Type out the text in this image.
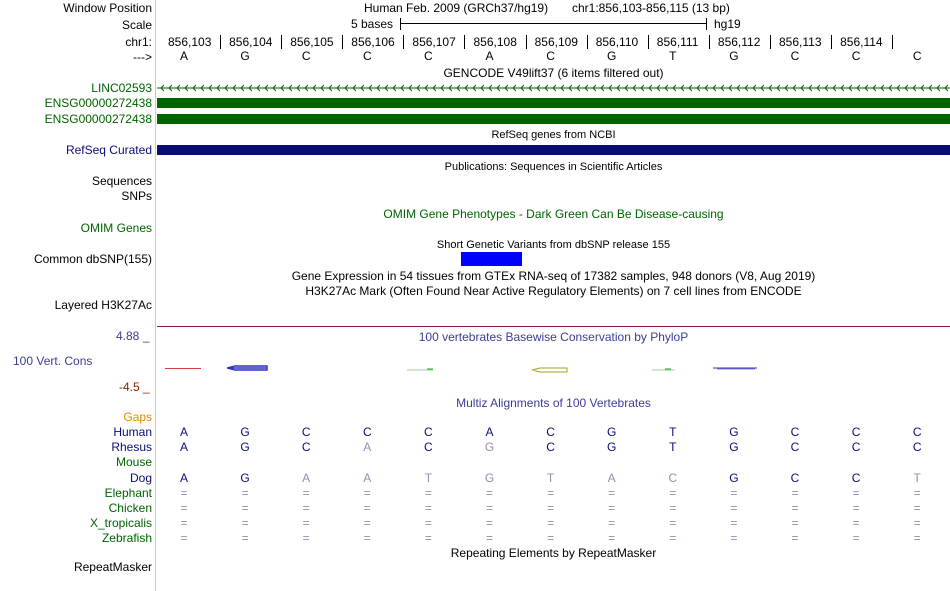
Window Position	Human Feb. 2009 (GRCh37/hg19) chr1:856,103-856,115 (13 bp)
Scale	5 bases	hg19
chr1: 856,103 856,104 856,105 856,106 856,107 856,108 856,109 856,110 856,111 856,112 856,113 856,114
--->	A	G	C	C	C	A	C	G	T	G	C	C	C
GENCODE V49lift37 (6 items filtered out)
LINC02593
ENSG00000272438
ENSG00000272438
RefSeq genes from NCBI
RefSeq Curated
Publications: Sequences in Scientific Articles
Sequences
SNPs
OMIM Gene Phenotypes - Dark Green Can Be Disease-causing
OMIM Genes
Short Genetic Variants from dbSNP release 155
Common dbSNP(155)
Gene Expression in 54 tissues from GTEx RNA-seq of 17382 samples, 948 donors (V8, Aug 2019)
H3K27Ac Mark (Often Found Near Active Regulatory Elements) on 7 cell lines from ENCODE
Layered H3K27Ac
100 vertebrates Basewise Conservation by PhyloP
4.88 _
100 Vert. Cons
-4.5 _
Multiz Alignments of 100 Vertebrates
Gaps
Human	A	G	C	C	C	A	C	G	T	G	C	C	C
Rhesus	A	G	C	A	C	G	C	G	T	G	C	C	C
Mouse
Dog	A	G	A	A	T	G	T	A	C	G	C	C	T
Elephant	=	=	=	=	=	=	=	=	=	=	=	=	=
Chicken	=	=	=	=	=	=	=	=	=	=	=	=	=
X_tropicalis	=	=	=	=	=	=	=	=	=	=	=	=	=
Zebrafish	=	=	=	=	=	=	=	=	=	=	=	=	=
Repeating Elements by RepeatMasker
RepeatMasker
